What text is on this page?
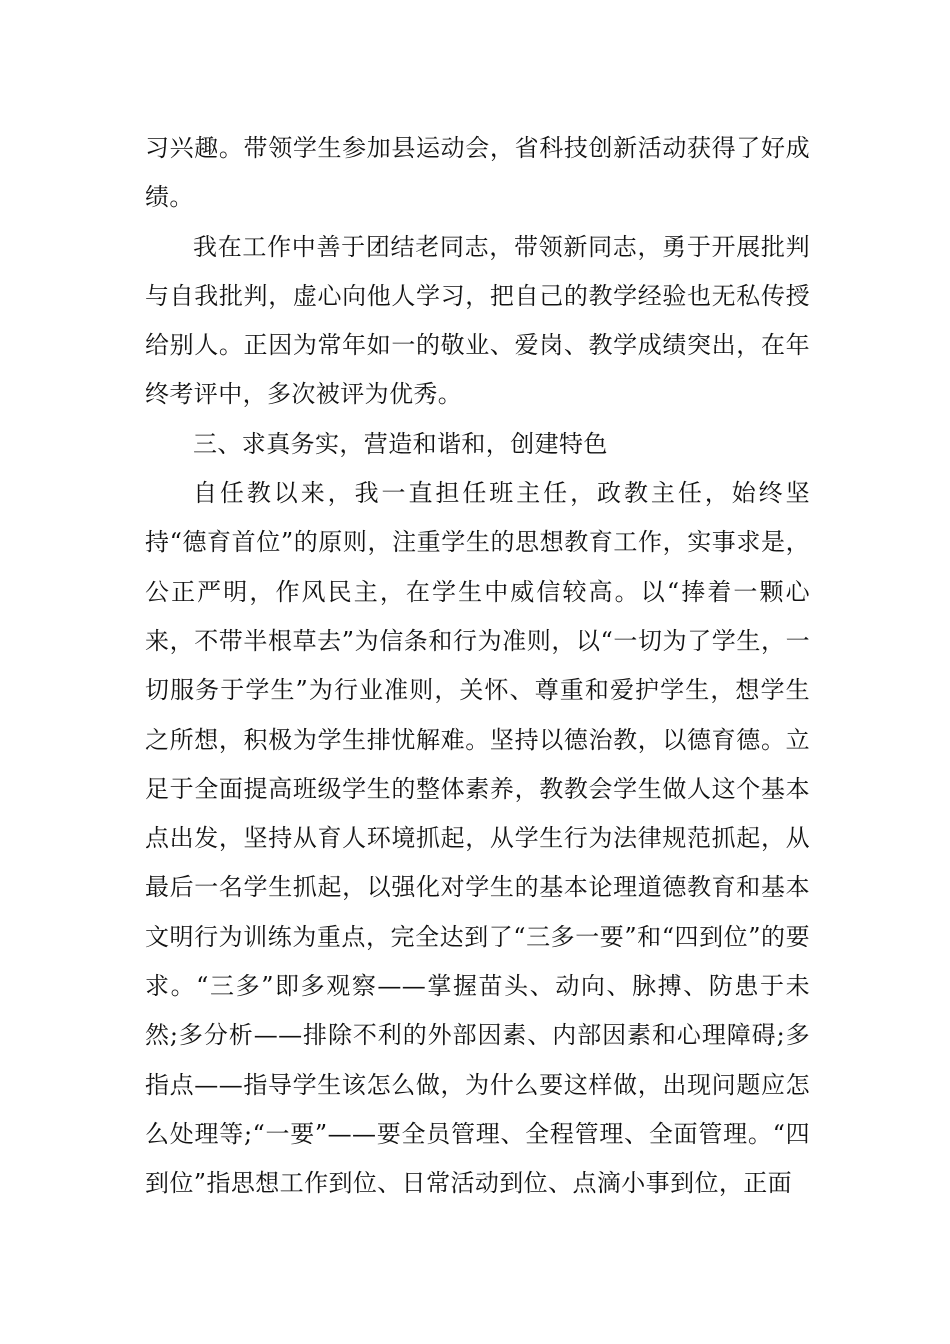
习兴趣。带领学生参加县运动会，省科技创新活动获得了好成绩。

我在工作中善于团结老同志，带领新同志，勇于开展批判与自我批判，虚心向他人学习，把自己的教学经验也无私传授给别人。正因为常年如一的敬业、爱岗、教学成绩突出，在年终考评中，多次被评为优秀。

三、求真务实，营造和谐和，创建特色

自任教以来，我一直担任班主任，政教主任，始终坚持“德育首位”的原则，注重学生的思想教育工作，实事求是，公正严明，作风民主，在学生中威信较高。以“捧着一颗心来，不带半根草去”为信条和行为准则，以“一切为了学生，一切服务于学生”为行业准则，关怀、尊重和爱护学生，想学生之所想，积极为学生排忧解难。坚持以德治教，以德育德。立足于全面提高班级学生的整体素养，教教会学生做人这个基本点出发，坚持从育人环境抓起，从学生行为法律规范抓起，从最后一名学生抓起，以强化对学生的基本论理道德教育和基本文明行为训练为重点，完全达到了“三多一要”和“四到位”的要求。“三多”即多观察——掌握苗头、动向、脉搏、防患于未然;多分析——排除不利的外部因素、内部因素和心理障碍;多指点——指导学生该怎么做，为什么要这样做，出现问题应怎么处理等;“一要”——要全员管理、全程管理、全面管理。“四到位”指思想工作到位、日常活动到位、点滴小事到位，正面
